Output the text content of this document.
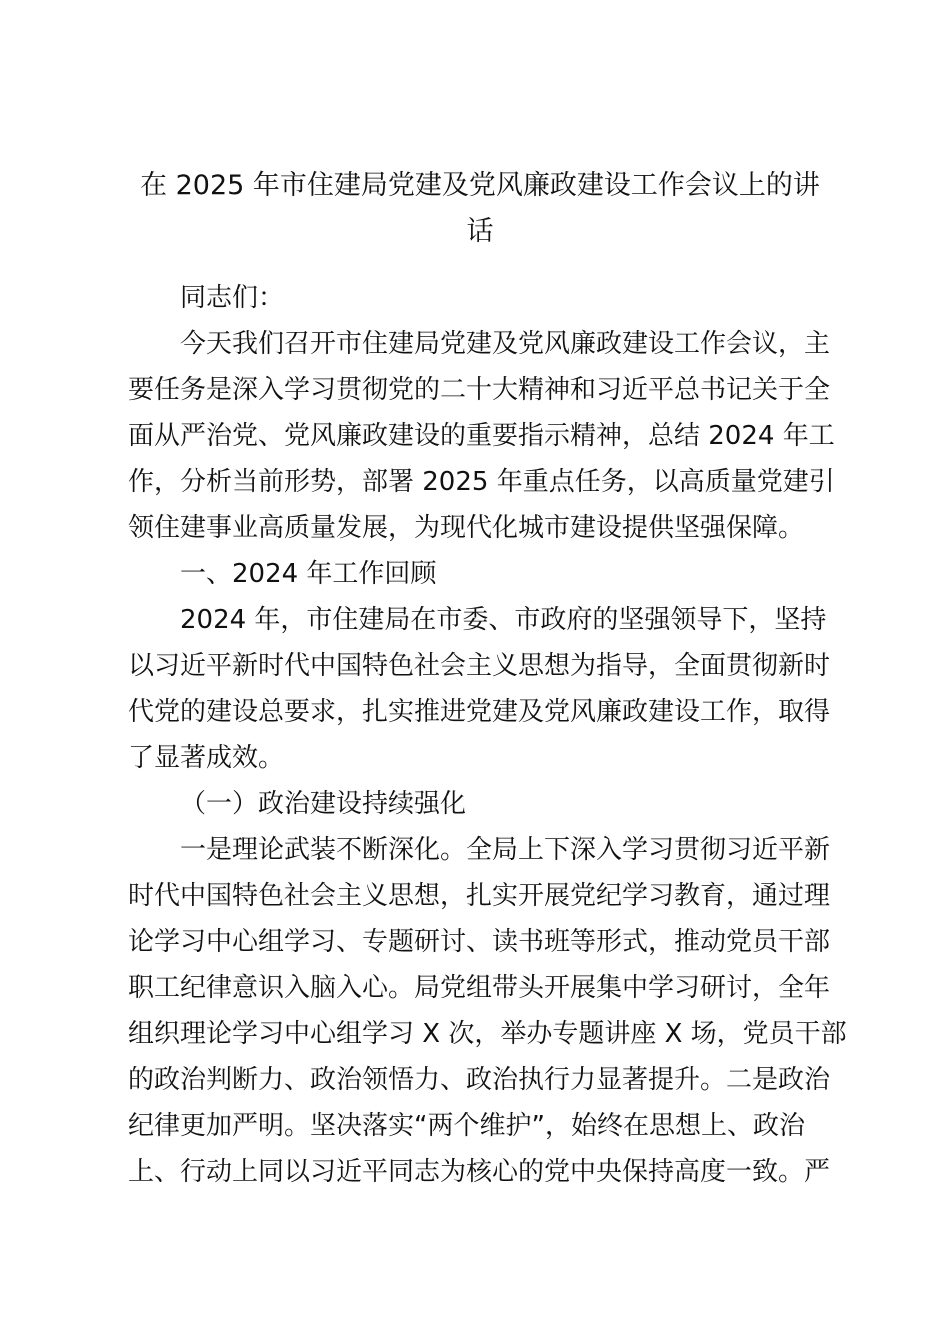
在 2025 年市住建局党建及党风廉政建设工作会议上的讲
话
同志们：
今天我们召开市住建局党建及党风廉政建设工作会议，主
要任务是深入学习贯彻党的二十大精神和习近平总书记关于全
面从严治党、党风廉政建设的重要指示精神，总结 2024 年工
作，分析当前形势，部署 2025 年重点任务，以高质量党建引
领住建事业高质量发展，为现代化城市建设提供坚强保障。
一、2024 年工作回顾
2024 年，市住建局在市委、市政府的坚强领导下，坚持
以习近平新时代中国特色社会主义思想为指导，全面贯彻新时
代党的建设总要求，扎实推进党建及党风廉政建设工作，取得
了显著成效。
（一）政治建设持续强化
一是理论武装不断深化。全局上下深入学习贯彻习近平新
时代中国特色社会主义思想，扎实开展党纪学习教育，通过理
论学习中心组学习、专题研讨、读书班等形式，推动党员干部
职工纪律意识入脑入心。局党组带头开展集中学习研讨，全年
组织理论学习中心组学习 X 次，举办专题讲座 X 场，党员干部
的政治判断力、政治领悟力、政治执行力显著提升。二是政治
纪律更加严明。坚决落实“两个维护”，始终在思想上、政治
上、行动上同以习近平同志为核心的党中央保持高度一致。严
